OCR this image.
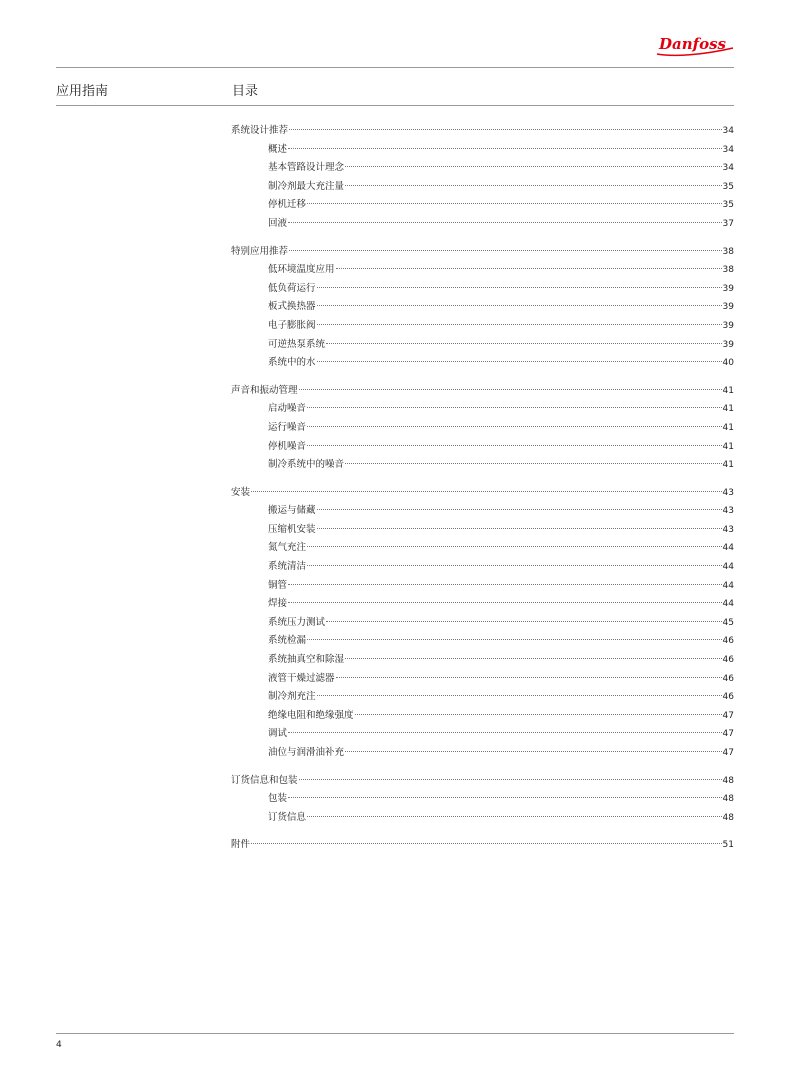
Danfoss
应用指南	目录
系统设计推荐	34
概述	34
基本管路设计理念	34
制冷剂最大充注量	35
停机迁移	35
回液	37
特别应用推荐	38
低环境温度应用	38
低负荷运行	39
板式换热器	39
电子膨胀阀	39
可逆热泵系统	39
系统中的水	40
声音和振动管理	41
启动噪音	41
运行噪音	41
停机噪音	41
制冷系统中的噪音	41
安装	43
搬运与储藏	43
压缩机安装	43
氮气充注	44
系统清洁	44
铜管	44
焊接	44
系统压力测试	45
系统检漏	46
系统抽真空和除湿	46
液管干燥过滤器	46
制冷剂充注	46
绝缘电阻和绝缘强度	47
调试	47
油位与润滑油补充	47
订货信息和包装	48
包装	48
订货信息	48
附件	51
4
